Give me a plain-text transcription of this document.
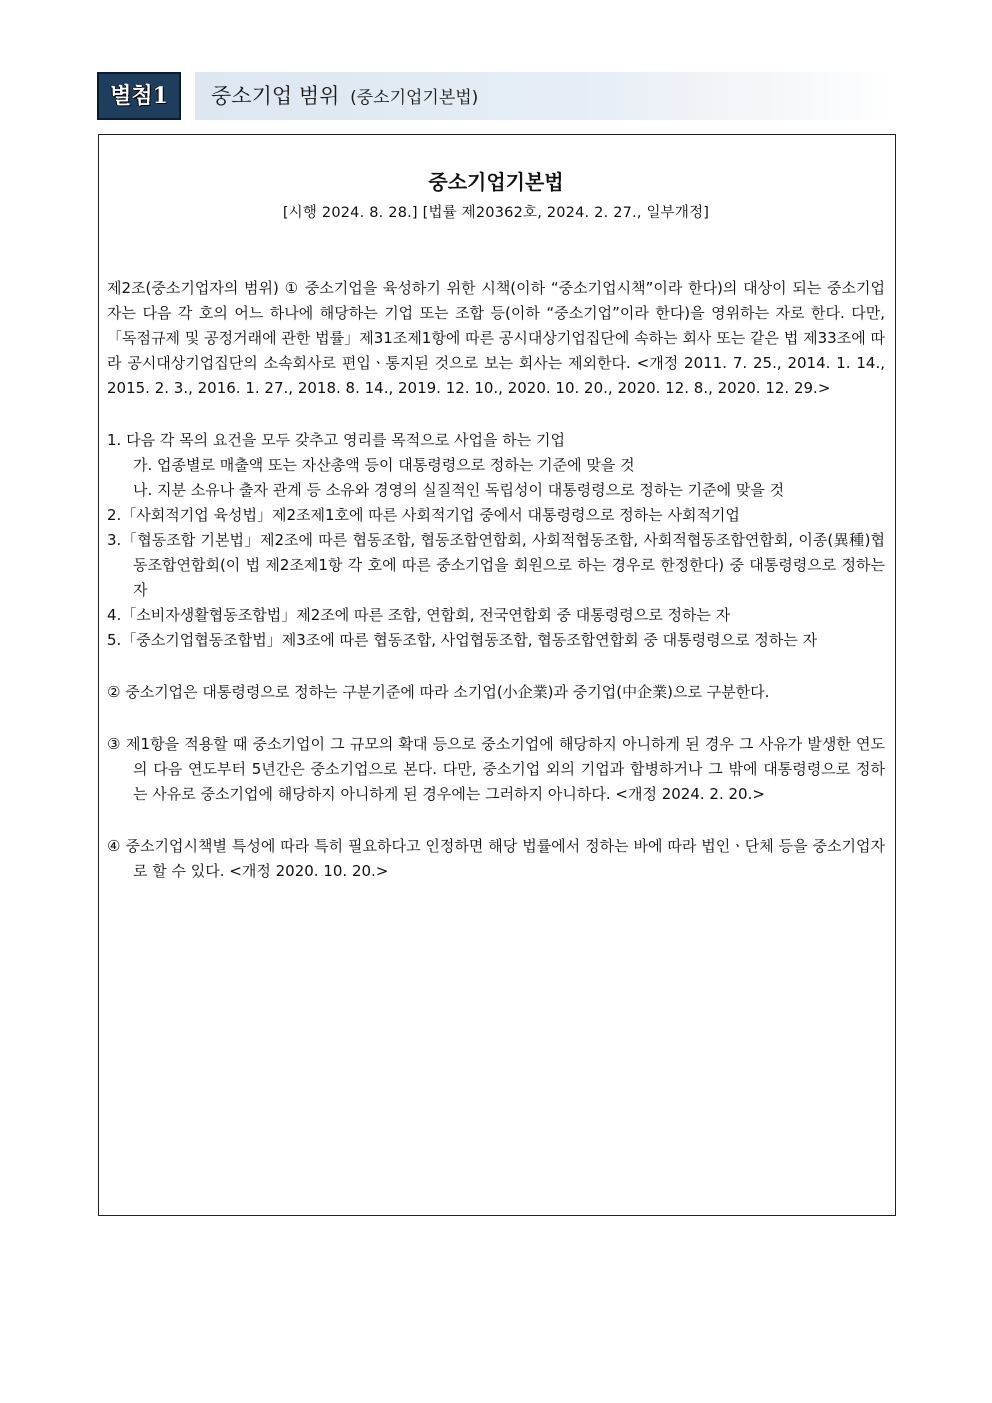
별첨1	중소기업 범위 (중소기업기본법)
중소기업기본법
[시행 2024. 8. 28.] [법률 제20362호, 2024. 2. 27., 일부개정]

제2조(중소기업자의 범위) ① 중소기업을 육성하기 위한 시책(이하 “중소기업시책”이라 한다)의 대상이 되는 중소기업자는 다음 각 호의 어느 하나에 해당하는 기업 또는 조합 등(이하 “중소기업”이라 한다)을 영위하는 자로 한다. 다만,「독점규제 및 공정거래에 관한 법률」제31조제1항에 따른 공시대상기업집단에 속하는 회사 또는 같은 법 제33조에 따라 공시대상기업집단의 소속회사로 편입ㆍ통지된 것으로 보는 회사는 제외한다. <개정 2011. 7. 25., 2014. 1. 14., 2015. 2. 3., 2016. 1. 27., 2018. 8. 14., 2019. 12. 10., 2020. 10. 20., 2020. 12. 8., 2020. 12. 29.>

1. 다음 각 목의 요건을 모두 갖추고 영리를 목적으로 사업을 하는 기업

가. 업종별로 매출액 또는 자산총액 등이 대통령령으로 정하는 기준에 맞을 것

나. 지분 소유나 출자 관계 등 소유와 경영의 실질적인 독립성이 대통령령으로 정하는 기준에 맞을 것

2.「사회적기업 육성법」제2조제1호에 따른 사회적기업 중에서 대통령령으로 정하는 사회적기업

3.「협동조합 기본법」제2조에 따른 협동조합, 협동조합연합회, 사회적협동조합, 사회적협동조합연합회, 이종(異種)협동조합연합회(이 법 제2조제1항 각 호에 따른 중소기업을 회원으로 하는 경우로 한정한다) 중 대통령령으로 정하는 자

4.「소비자생활협동조합법」제2조에 따른 조합, 연합회, 전국연합회 중 대통령령으로 정하는 자

5.「중소기업협동조합법」제3조에 따른 협동조합, 사업협동조합, 협동조합연합회 중 대통령령으로 정하는 자

② 중소기업은 대통령령으로 정하는 구분기준에 따라 소기업(小企業)과 중기업(中企業)으로 구분한다.

③ 제1항을 적용할 때 중소기업이 그 규모의 확대 등으로 중소기업에 해당하지 아니하게 된 경우 그 사유가 발생한 연도의 다음 연도부터 5년간은 중소기업으로 본다. 다만, 중소기업 외의 기업과 합병하거나 그 밖에 대통령령으로 정하는 사유로 중소기업에 해당하지 아니하게 된 경우에는 그러하지 아니하다. <개정 2024. 2. 20.>

④ 중소기업시책별 특성에 따라 특히 필요하다고 인정하면 해당 법률에서 정하는 바에 따라 법인ㆍ단체 등을 중소기업자로 할 수 있다. <개정 2020. 10. 20.>
